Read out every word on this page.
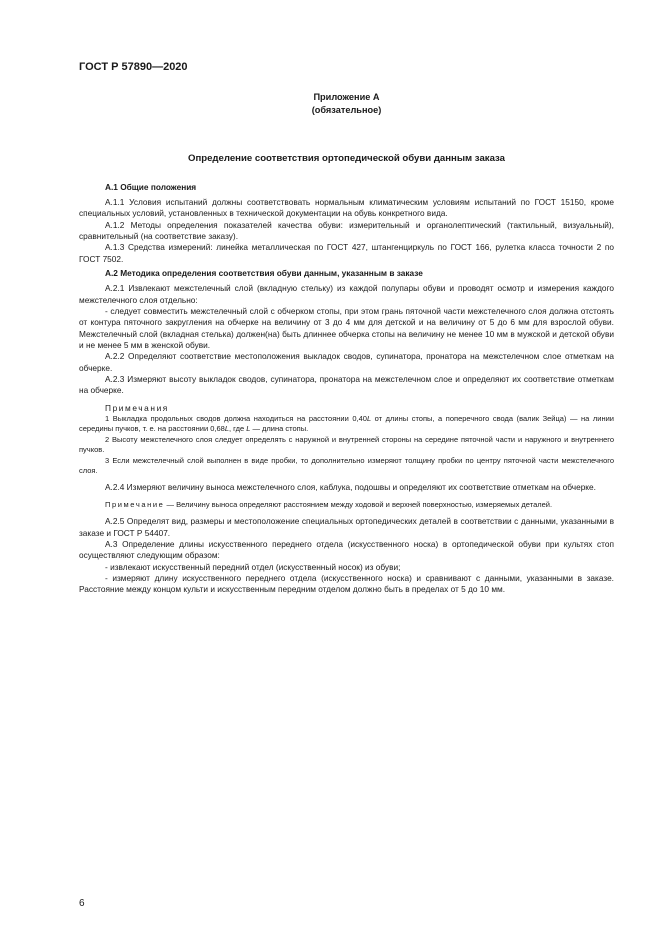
ГОСТ Р 57890—2020
Приложение А
(обязательное)
Определение соответствия ортопедической обуви данным заказа

А.1 Общие положения

А.1.1 Условия испытаний должны соответствовать нормальным климатическим условиям испытаний по ГОСТ 15150, кроме специальных условий, установленных в технической документации на обувь конкретного вида.

А.1.2 Методы определения показателей качества обуви: измерительный и органолептический (тактильный, визуальный), сравнительный (на соответствие заказу).

А.1.3 Средства измерений: линейка металлическая по ГОСТ 427, штангенциркуль по ГОСТ 166, рулетка класса точности 2 по ГОСТ 7502.

А.2 Методика определения соответствия обуви данным, указанным в заказе

А.2.1 Извлекают межстелечный слой (вкладную стельку) из каждой полупары обуви и проводят осмотр и измерения каждого межстелечного слоя отдельно:

- следует совместить межстелечный слой с обчерком стопы, при этом грань пяточной части межстелечного слоя должна отстоять от контура пяточного закругления на обчерке на величину от 3 до 4 мм для детской и на величину от 5 до 6 мм для взрослой обуви. Межстелечный слой (вкладная стелька) должен(на) быть длиннее обчерка стопы на величину не менее 10 мм в мужской и детской обуви и не менее 5 мм в женской обуви.

А.2.2 Определяют соответствие местоположения выкладок сводов, супинатора, пронатора на межстелечном слое отметкам на обчерке.

А.2.3 Измеряют высоту выкладок сводов, супинатора, пронатора на межстелечном слое и определяют их соответствие отметкам на обчерке.

Примечания

1 Выкладка продольных сводов должна находиться на расстоянии 0,40L от длины стопы, а поперечного свода (валик Зейца) — на линии середины пучков, т. е. на расстоянии 0,68L, где L — длина стопы.

2 Высоту межстелечного слоя следует определять с наружной и внутренней стороны на середине пяточной части и наружного и внутреннего пучков.

3 Если межстелечный слой выполнен в виде пробки, то дополнительно измеряют толщину пробки по центру пяточной части межстелечного слоя.

А.2.4 Измеряют величину выноса межстелечного слоя, каблука, подошвы и определяют их соответствие отметкам на обчерке.

Примечание — Величину выноса определяют расстоянием между ходовой и верхней поверхностью, измеряемых деталей.

А.2.5 Определят вид, размеры и местоположение специальных ортопедических деталей в соответствии с данными, указанными в заказе и ГОСТ Р 54407.

А.3 Определение длины искусственного переднего отдела (искусственного носка) в ортопедической обуви при культях стоп осуществляют следующим образом:

- извлекают искусственный передний отдел (искусственный носок) из обуви;

- измеряют длину искусственного переднего отдела (искусственного носка) и сравнивают с данными, указанными в заказе. Расстояние между концом культи и искусственным передним отделом должно быть в пределах от 5 до 10 мм.

6
